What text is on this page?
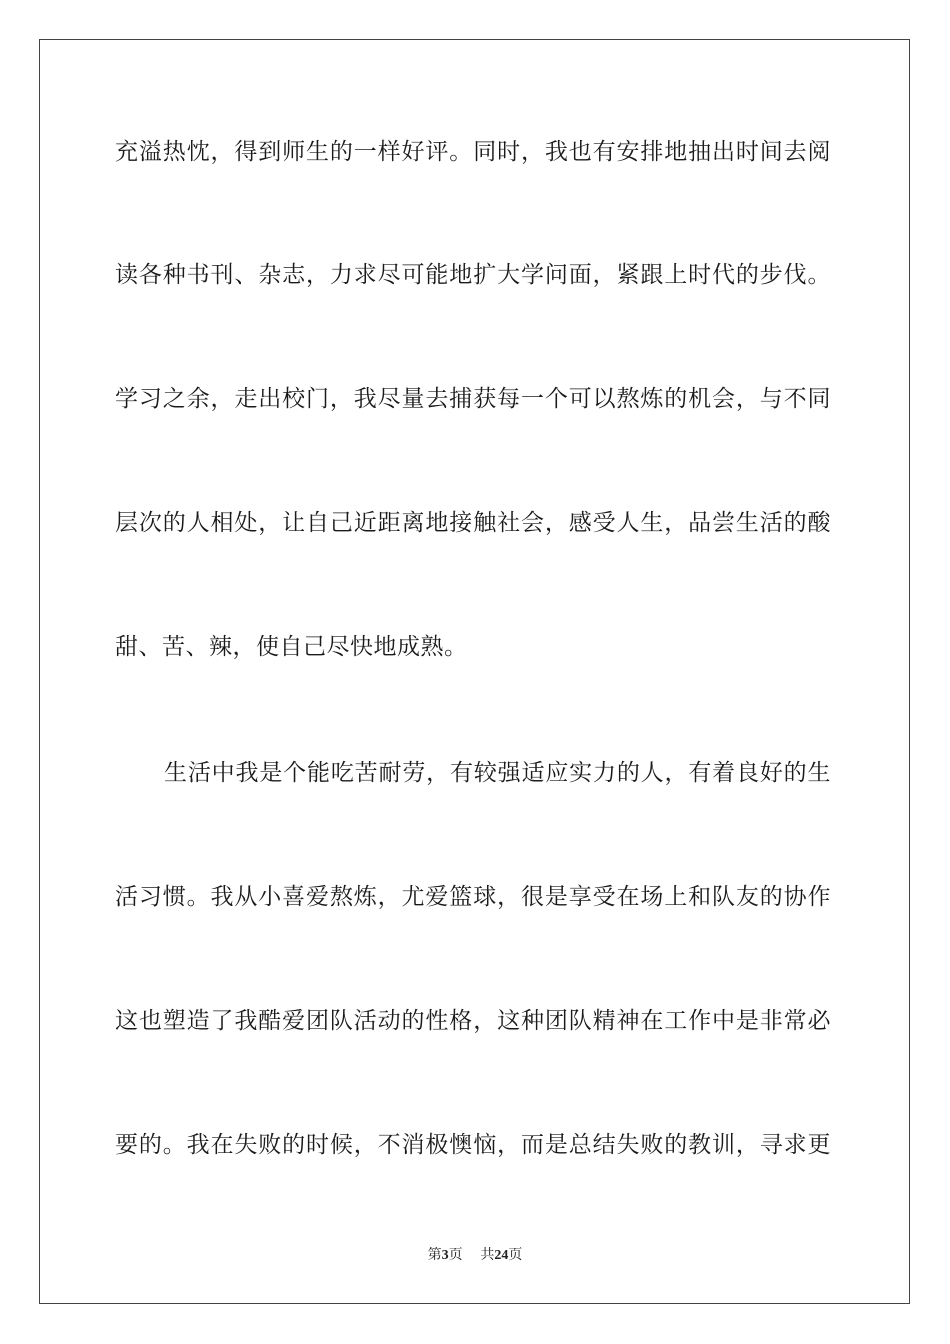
充溢热忱，得到师生的一样好评。同时，我也有安排地抽出时间去阅
读各种书刊、杂志，力求尽可能地扩大学问面，紧跟上时代的步伐。
学习之余，走出校门，我尽量去捕获每一个可以熬炼的机会，与不同
层次的人相处，让自己近距离地接触社会，感受人生，品尝生活的酸
甜、苦、辣，使自己尽快地成熟。
生活中我是个能吃苦耐劳，有较强适应实力的人，有着良好的生
活习惯。我从小喜爱熬炼，尤爱篮球，很是享受在场上和队友的协作
这也塑造了我酷爱团队活动的性格，这种团队精神在工作中是非常必
要的。我在失败的时候，不消极懊恼，而是总结失败的教训，寻求更
第3页 共24页
